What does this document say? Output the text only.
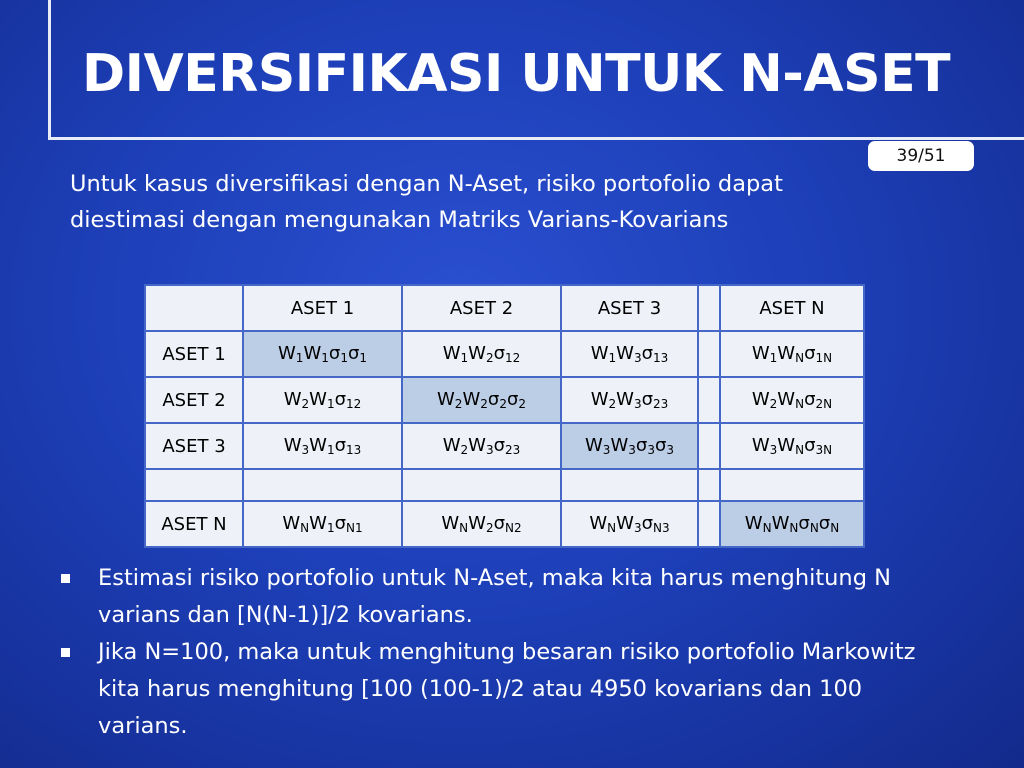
DIVERSIFIKASI UNTUK N-ASET
39/51

Untuk kasus diversifikasi dengan N-Aset, risiko portofolio dapat diestimasi dengan mengunakan Matriks Varians-Kovarians

	ASET 1	ASET 2	ASET 3		ASET N
ASET 1	$W_1W_1\sigma_1\sigma_1$	$W_1W_2\sigma_{12}$	$W_1W_3\sigma_{13}$		$W_1W_N\sigma_{1N}$
ASET 2	$W_2W_1\sigma_{12}$	$W_2W_2\sigma_2\sigma_2$	$W_2W_3\sigma_{23}$		$W_2W_N\sigma_{2N}$
ASET 3	$W_3W_1\sigma_{13}$	$W_2W_3\sigma_{23}$	$W_3W_3\sigma_3\sigma_3$		$W_3W_N\sigma_{3N}$

ASET N	$W_NW_1\sigma_{N1}$	$W_NW_2\sigma_{N2}$	$W_NW_3\sigma_{N3}$		$W_NW_N\sigma_N\sigma_N$
Estimasi risiko portofolio untuk N-Aset, maka kita harus menghitung N varians dan [N(N-1)]/2 kovarians.
Jika N=100, maka untuk menghitung besaran risiko portofolio Markowitz kita harus menghitung [100 (100-1)/2 atau 4950 kovarians dan 100 varians.
